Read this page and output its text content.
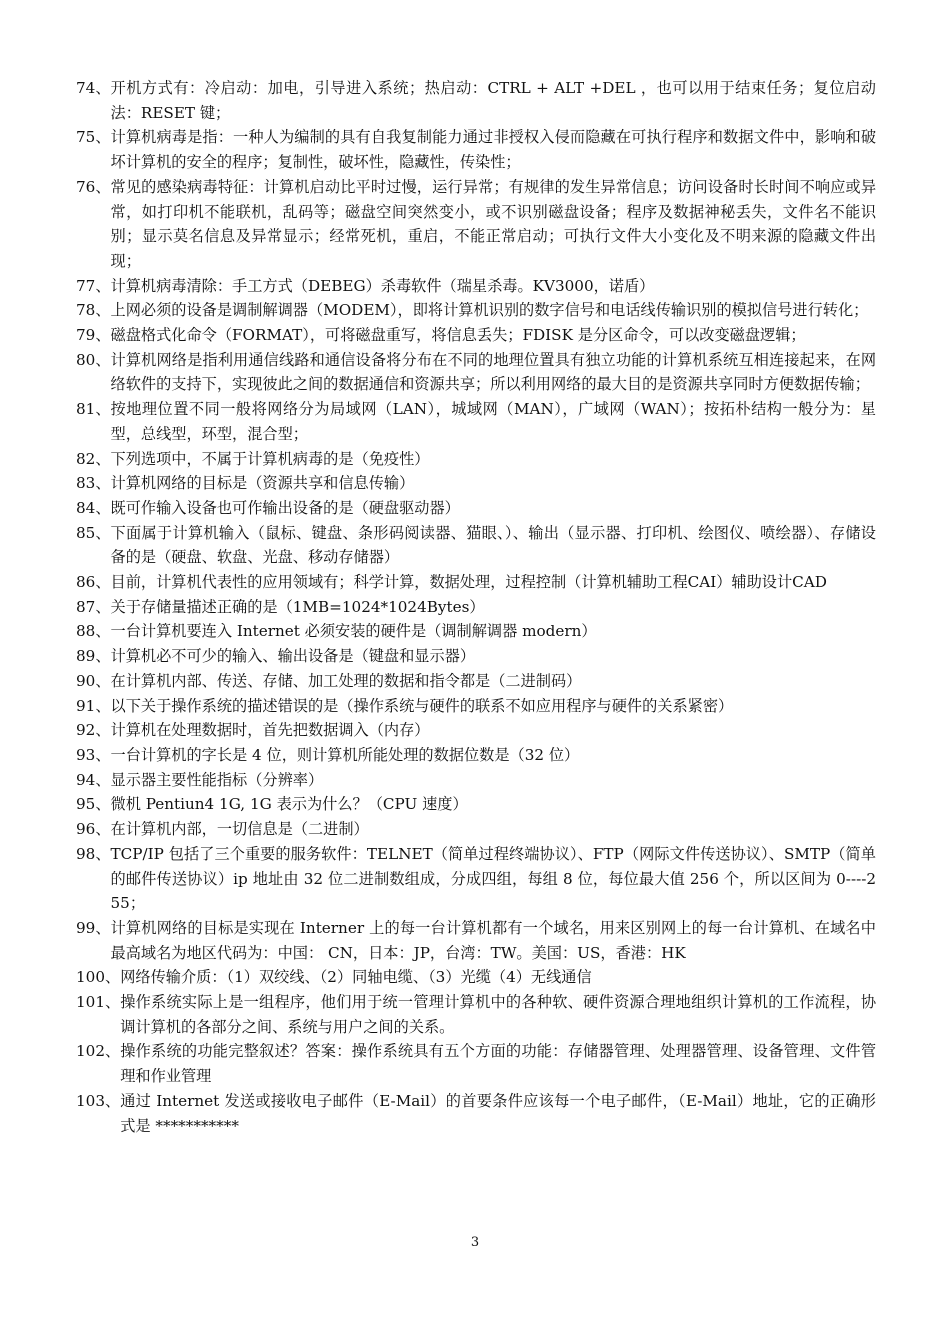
74、 开机方式有：冷启动：加电，引导进入系统；热启动：CTRL + ALT +DEL ，也可以用于结束任务；复位启动法：RESET 键；
75、 计算机病毒是指：一种人为编制的具有自我复制能力通过非授权入侵而隐藏在可执行程序和数据文件中，影响和破坏计算机的安全的程序；复制性，破坏性，隐藏性，传染性；
76、 常见的感染病毒特征：计算机启动比平时过慢，运行异常；有规律的发生异常信息；访问设备时长时间不响应或异常，如打印机不能联机，乱码等；磁盘空间突然变小，或不识别磁盘设备；程序及数据神秘丢失，文件名不能识别；显示莫名信息及异常显示；经常死机，重启，不能正常启动；可执行文件大小变化及不明来源的隐藏文件出现；
77、 计算机病毒清除：手工方式（DEBEG）杀毒软件（瑞星杀毒。KV3000，诺盾）
78、 上网必须的设备是调制解调器（MODEM），即将计算机识别的数字信号和电话线传输识别的模拟信号进行转化；
79、 磁盘格式化命令（FORMAT），可将磁盘重写，将信息丢失；FDISK 是分区命令，可以改变磁盘逻辑；
80、 计算机网络是指利用通信线路和通信设备将分布在不同的地理位置具有独立功能的计算机系统互相连接起来，在网络软件的支持下，实现彼此之间的数据通信和资源共享；所以利用网络的最大目的是资源共享同时方便数据传输；
81、 按地理位置不同一般将网络分为局域网（LAN），城域网（MAN），广域网（WAN）；按拓朴结构一般分为：星型，总线型，环型，混合型；
82、 下列选项中，不属于计算机病毒的是（免疫性）
83、 计算机网络的目标是（资源共享和信息传输）
84、 既可作输入设备也可作输出设备的是（硬盘驱动器）
85、 下面属于计算机输入（鼠标、键盘、条形码阅读器、猫眼、）、输出（显示器、打印机、绘图仪、喷绘器）、存储设备的是（硬盘、软盘、光盘、移动存储器）
86、 目前，计算机代表性的应用领域有；科学计算，数据处理，过程控制（计算机辅助工程CAI）辅助设计CAD
87、 关于存储量描述正确的是（1MB=1024*1024Bytes）
88、 一台计算机要连入 Internet 必须安装的硬件是（调制解调器 modern）
89、 计算机必不可少的输入、输出设备是（键盘和显示器）
90、 在计算机内部、传送、存储、加工处理的数据和指令都是（二进制码）
91、 以下关于操作系统的描述错误的是（操作系统与硬件的联系不如应用程序与硬件的关系紧密）
92、 计算机在处理数据时，首先把数据调入（内存）
93、 一台计算机的字长是 4 位，则计算机所能处理的数据位数是（32 位）
94、 显示器主要性能指标（分辨率）
95、 微机 Pentiun4 1G, 1G 表示为什么？（CPU 速度）
96、 在计算机内部，一切信息是（二进制）
98、 TCP/IP 包括了三个重要的服务软件：TELNET（简单过程终端协议）、FTP（网际文件传送协议）、SMTP（简单的邮件传送协议）ip 地址由 32 位二进制数组成，分成四组，每组 8 位，每位最大值 256 个，所以区间为 0----255；
99、 计算机网络的目标是实现在 Interner 上的每一台计算机都有一个域名，用来区别网上的每一台计算机、在域名中最高域名为地区代码为：中国： CN，日本：JP，台湾：TW。美国：US，香港：HK
100、 网络传输介质：（1）双绞线、（2）同轴电缆、（3）光缆（4）无线通信
101、 操作系统实际上是一组程序，他们用于统一管理计算机中的各种软、硬件资源合理地组织计算机的工作流程，协调计算机的各部分之间、系统与用户之间的关系。
102、 操作系统的功能完整叙述？答案：操作系统具有五个方面的功能：存储器管理、处理器管理、设备管理、文件管理和作业管理
103、 通过 Internet 发送或接收电子邮件（E-Mail）的首要条件应该每一个电子邮件，（E-Mail）地址，它的正确形式是 ***********
3
